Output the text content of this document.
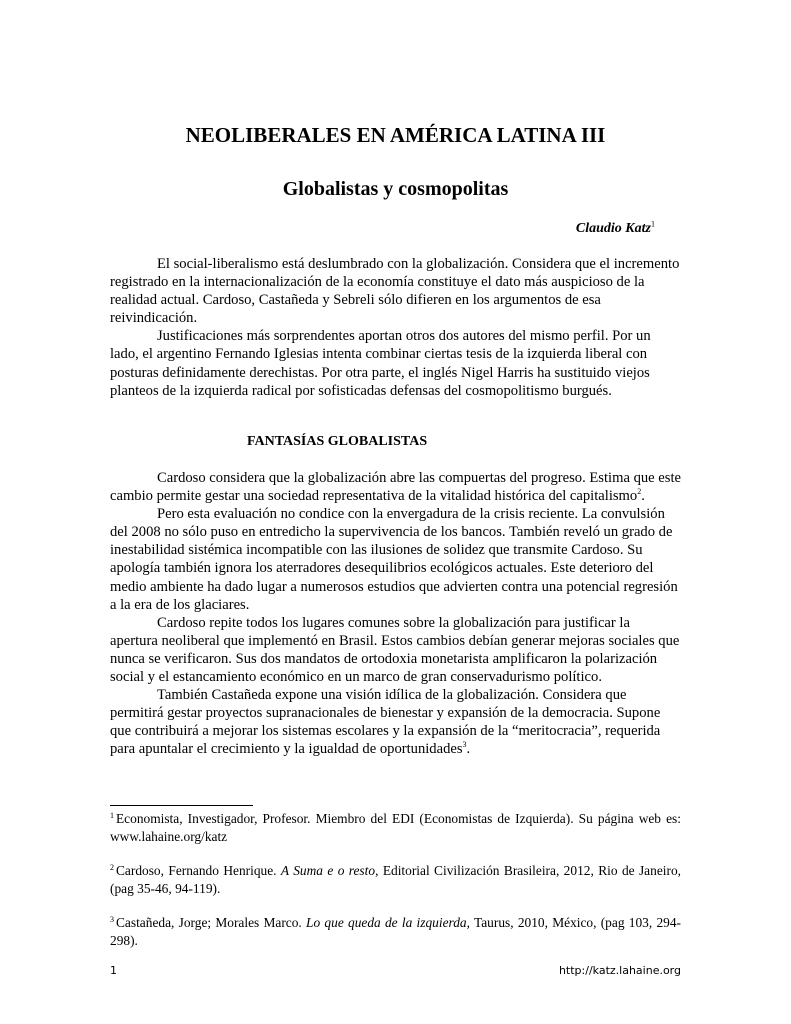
NEOLIBERALES EN AMÉRICA LATINA III
Globalistas y cosmopolitas
Claudio Katz$^1$

El social-liberalismo está deslumbrado con la globalización. Considera que el incremento registrado en la internacionalización de la economía constituye el dato más auspicioso de la realidad actual. Cardoso, Castañeda y Sebreli sólo difieren en los argumentos de esa reivindicación.

Justificaciones más sorprendentes aportan otros dos autores del mismo perfil. Por un lado, el argentino Fernando Iglesias intenta combinar ciertas tesis de la izquierda liberal con posturas definidamente derechistas. Por otra parte, el inglés Nigel Harris ha sustituido viejos planteos de la izquierda radical por sofisticadas defensas del cosmopolitismo burgués.

FANTASÍAS GLOBALISTAS

Cardoso considera que la globalización abre las compuertas del progreso. Estima que este cambio permite gestar una sociedad representativa de la vitalidad histórica del capitalismo$^2$.

Pero esta evaluación no condice con la envergadura de la crisis reciente. La convulsión del 2008 no sólo puso en entredicho la supervivencia de los bancos. También reveló un grado de inestabilidad sistémica incompatible con las ilusiones de solidez que transmite Cardoso. Su apología también ignora los aterradores desequilibrios ecológicos actuales. Este deterioro del medio ambiente ha dado lugar a numerosos estudios que advierten contra una potencial regresión a la era de los glaciares.

Cardoso repite todos los lugares comunes sobre la globalización para justificar la apertura neoliberal que implementó en Brasil. Estos cambios debían generar mejoras sociales que nunca se verificaron. Sus dos mandatos de ortodoxia monetarista amplificaron la polarización social y el estancamiento económico en un marco de gran conservadurismo político.

También Castañeda expone una visión idílica de la globalización. Considera que permitirá gestar proyectos supranacionales de bienestar y expansión de la democracia. Supone que contribuirá a mejorar los sistemas escolares y la expansión de la “meritocracia”, requerida para apuntalar el crecimiento y la igualdad de oportunidades$^3$.

$^1$ Economista, Investigador, Profesor. Miembro del EDI (Economistas de Izquierda). Su página web es: www.lahaine.org/katz

$^2$ Cardoso, Fernando Henrique. A Suma e o resto, Editorial Civilización Brasileira, 2012, Rio de Janeiro, (pag 35-46, 94-119).

$^3$ Castañeda, Jorge; Morales Marco. Lo que queda de la izquierda, Taurus, 2010, México, (pag 103, 294-298).

1	http://katz.lahaine.org
